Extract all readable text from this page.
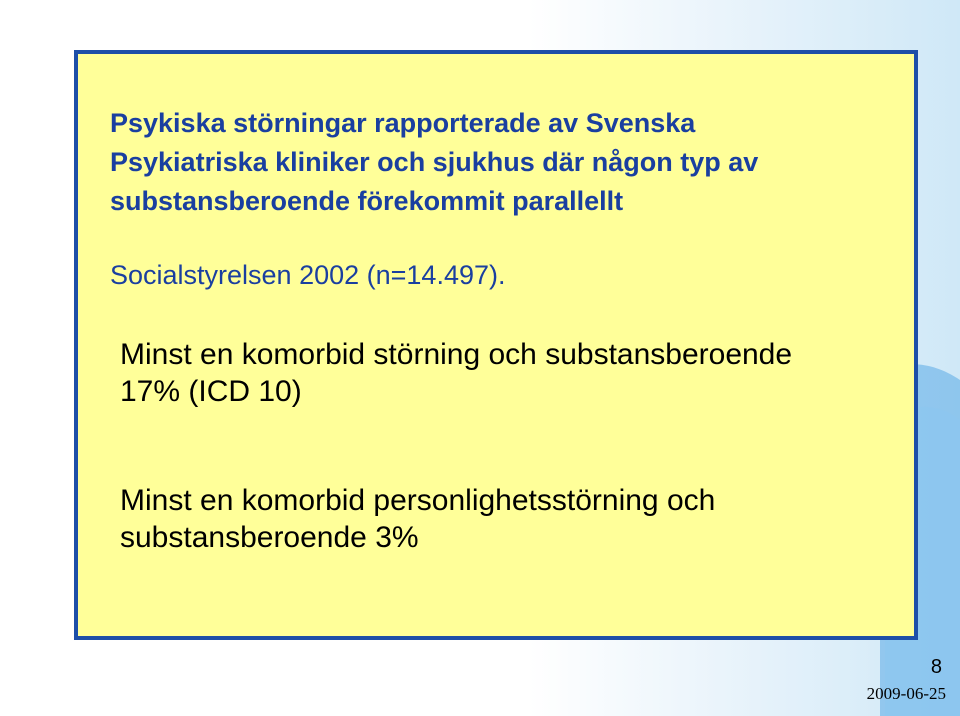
Psykiska störningar rapporterade av Svenska
Psykiatriska kliniker och sjukhus där någon typ av
substansberoende förekommit parallellt

Socialstyrelsen 2002 (n=14.497).

Minst en komorbid störning och substansberoende
17% (ICD 10)

Minst en komorbid personlighetsstörning och
substansberoende 3%

8
2009-06-25
